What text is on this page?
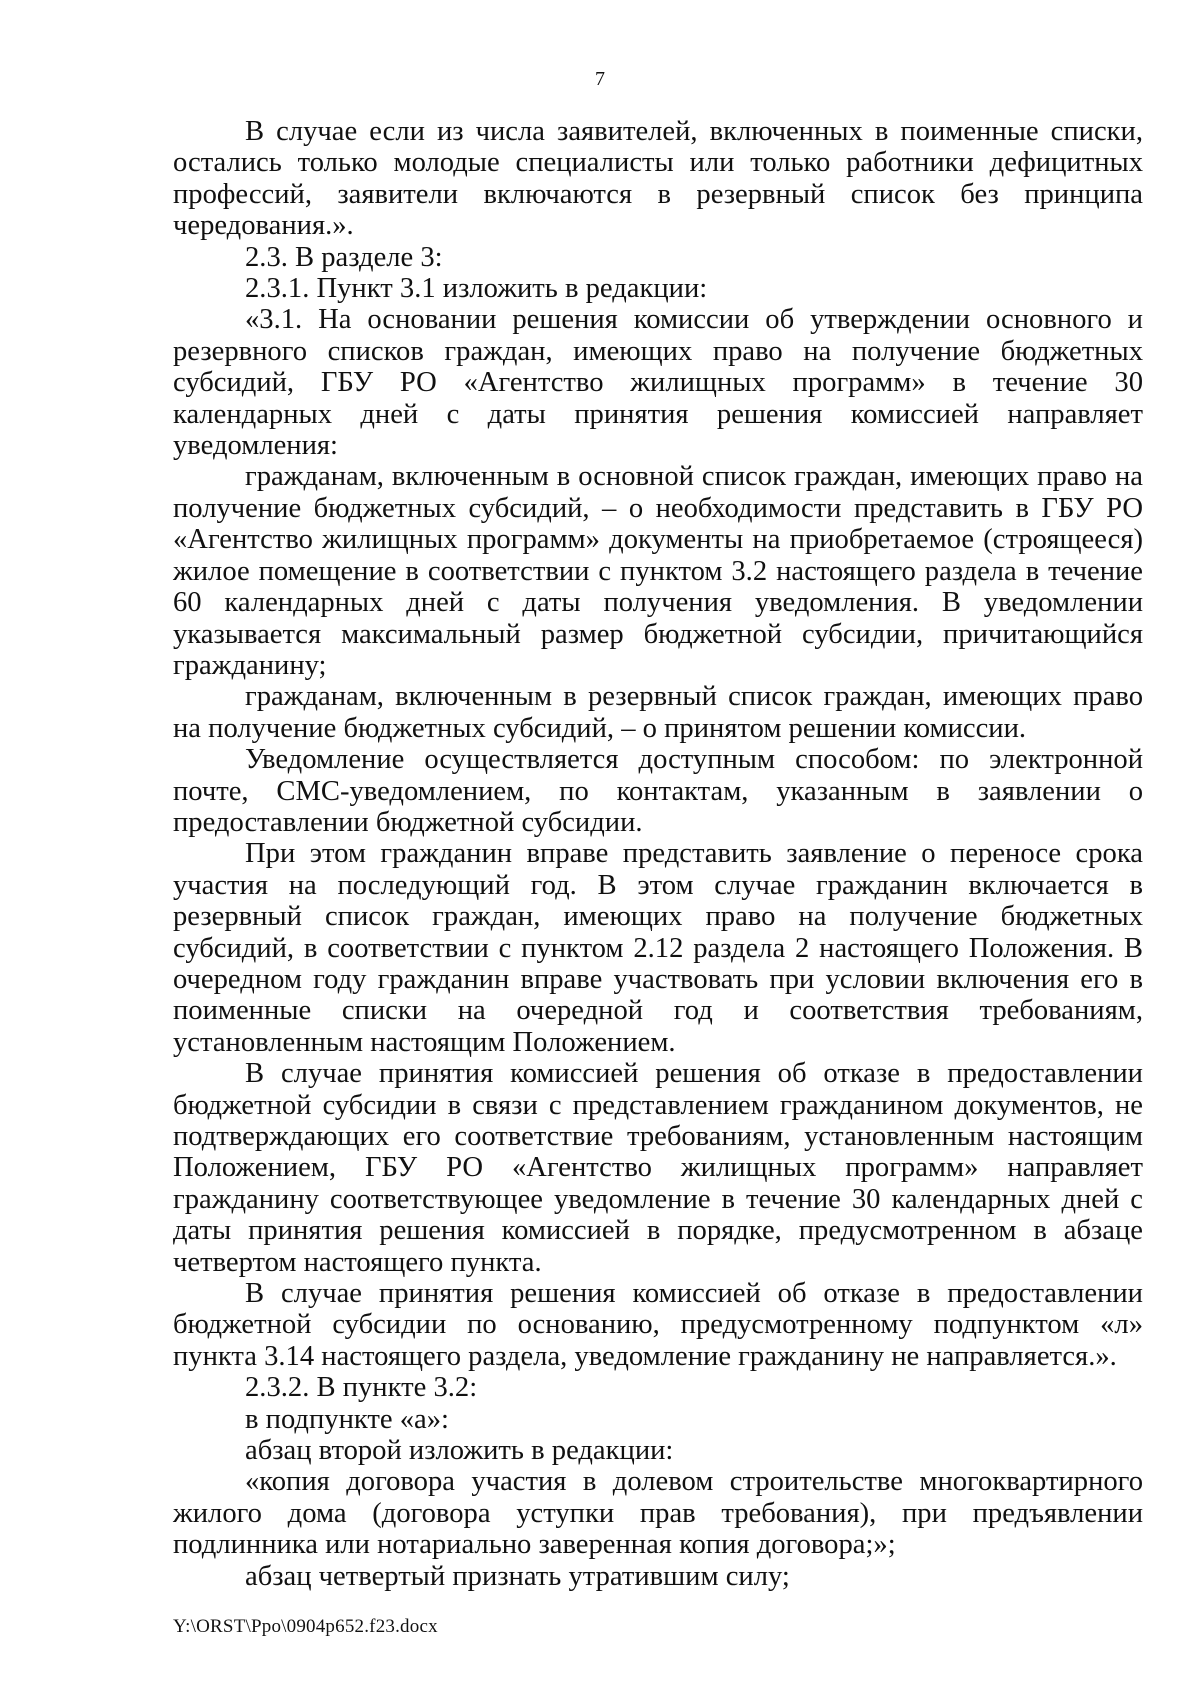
7

В случае если из числа заявителей, включенных в поименные списки, остались только молодые специалисты или только работники дефицитных профессий, заявители включаются в резервный список без принципа чередования.».

2.3. В разделе 3:

2.3.1. Пункт 3.1 изложить в редакции:

«3.1. На основании решения комиссии об утверждении основного и резервного списков граждан, имеющих право на получение бюджетных субсидий, ГБУ РО «Агентство жилищных программ» в течение 30 календарных дней с даты принятия решения комиссией направляет уведомления:

гражданам, включенным в основной список граждан, имеющих право на получение бюджетных субсидий, – о необходимости представить в ГБУ РО «Агентство жилищных программ» документы на приобретаемое (строящееся) жилое помещение в соответствии с пунктом 3.2 настоящего раздела в течение 60 календарных дней с даты получения уведомления. В уведомлении указывается максимальный размер бюджетной субсидии, причитающийся гражданину;

гражданам, включенным в резервный список граждан, имеющих право на получение бюджетных субсидий, – о принятом решении комиссии.

Уведомление осуществляется доступным способом: по электронной почте, СМС-уведомлением, по контактам, указанным в заявлении о предоставлении бюджетной субсидии.

При этом гражданин вправе представить заявление о переносе срока участия на последующий год. В этом случае гражданин включается в резервный список граждан, имеющих право на получение бюджетных субсидий, в соответствии с пунктом 2.12 раздела 2 настоящего Положения. В очередном году гражданин вправе участвовать при условии включения его в поименные списки на очередной год и соответствия требованиям, установленным настоящим Положением.

В случае принятия комиссией решения об отказе в предоставлении бюджетной субсидии в связи с представлением гражданином документов, не подтверждающих его соответствие требованиям, установленным настоящим Положением, ГБУ РО «Агентство жилищных программ» направляет гражданину соответствующее уведомление в течение 30 календарных дней с даты принятия решения комиссией в порядке, предусмотренном в абзаце четвертом настоящего пункта.

В случае принятия решения комиссией об отказе в предоставлении бюджетной субсидии по основанию, предусмотренному подпунктом «л» пункта 3.14 настоящего раздела, уведомление гражданину не направляется.».

2.3.2. В пункте 3.2:

в подпункте «а»:

абзац второй изложить в редакции:

«копия договора участия в долевом строительстве многоквартирного жилого дома (договора уступки прав требования), при предъявлении подлинника или нотариально заверенная копия договора;»;

абзац четвертый признать утратившим силу;

Y:\ORST\Ppo\0904p652.f23.docx
